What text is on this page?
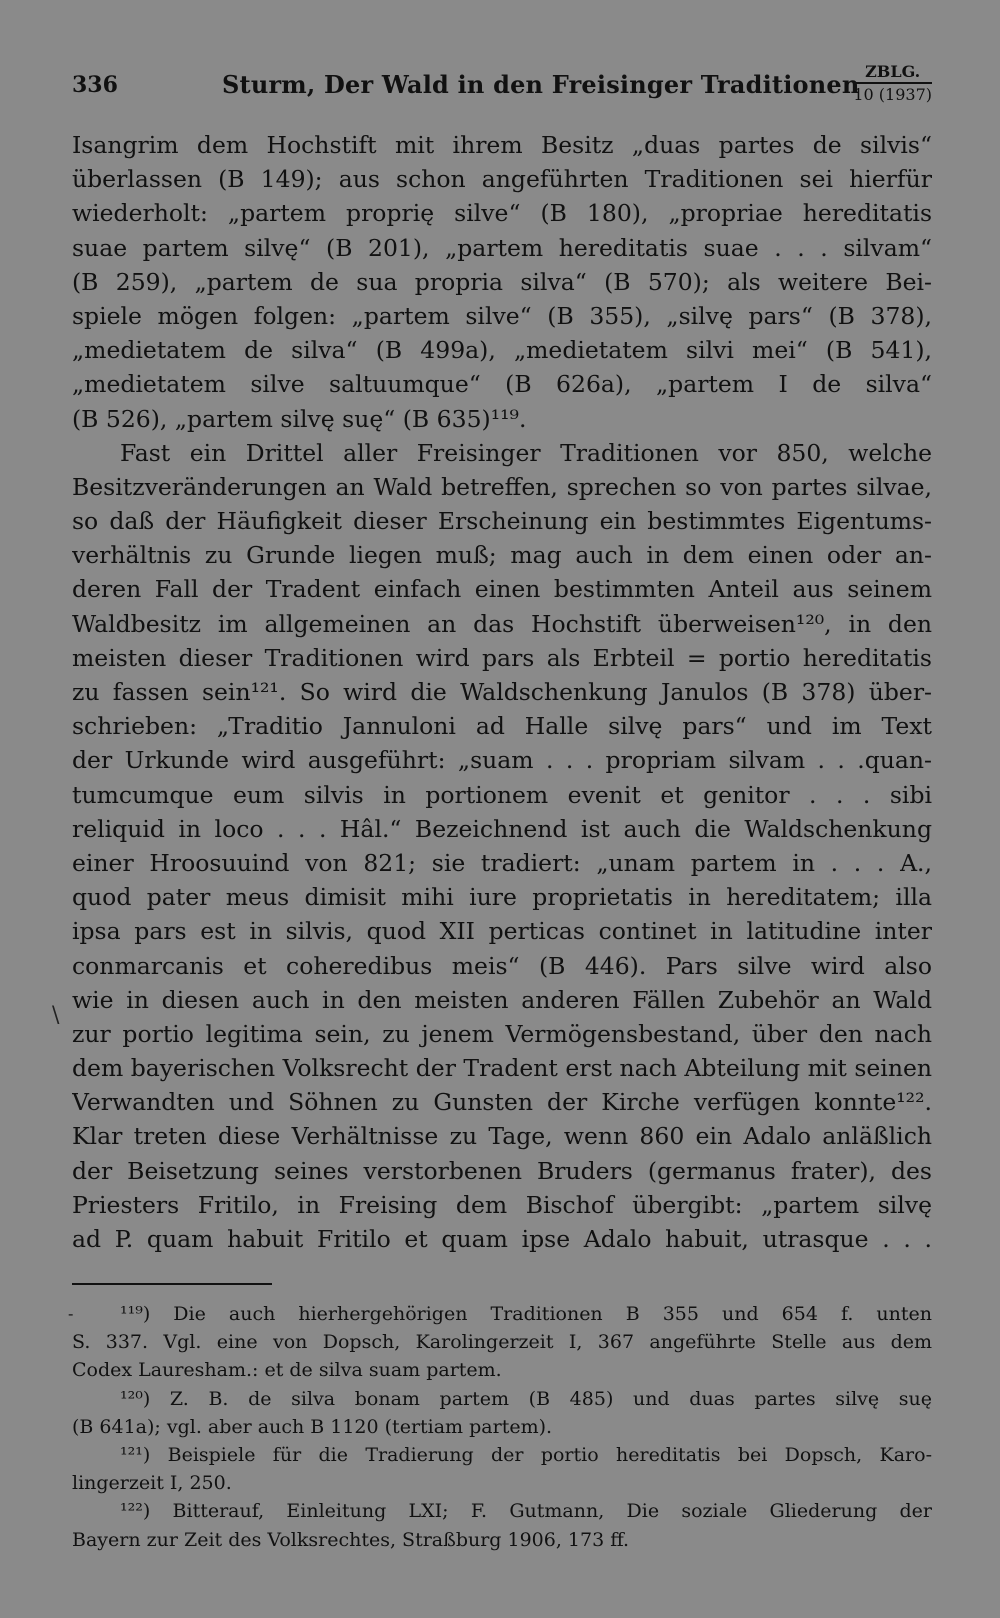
336	Sturm, Der Wald in den Freisinger Traditionen ZBLG.
10 (1937)
Isangrim dem Hochstift mit ihrem Besitz „duas partes de silvis“
überlassen (B 149); aus schon angeführten Traditionen sei hierfür
wiederholt: „partem proprię silve“ (B 180), „propriae hereditatis
suae partem silvę“ (B 201), „partem hereditatis suae . . . silvam“
(B 259), „partem de sua propria silva“ (B 570); als weitere Bei-
spiele mögen folgen: „partem silve“ (B 355), „silvę pars“ (B 378),
„medietatem de silva“ (B 499a), „medietatem silvi mei“ (B 541),
„medietatem silve saltuumque“ (B 626a), „partem I de silva“
(B 526), „partem silvę suę“ (B 635)¹¹⁹.
Fast ein Drittel aller Freisinger Traditionen vor 850, welche
Besitzveränderungen an Wald betreffen, sprechen so von partes silvae,
so daß der Häufigkeit dieser Erscheinung ein bestimmtes Eigentums-
verhältnis zu Grunde liegen muß; mag auch in dem einen oder an-
deren Fall der Tradent einfach einen bestimmten Anteil aus seinem
Waldbesitz im allgemeinen an das Hochstift überweisen¹²⁰, in den
meisten dieser Traditionen wird pars als Erbteil = portio hereditatis
zu fassen sein¹²¹. So wird die Waldschenkung Janulos (B 378) über-
schrieben: „Traditio Jannuloni ad Halle silvę pars“ und im Text
der Urkunde wird ausgeführt: „suam . . . propriam silvam . . .quan-
tumcumque eum silvis in portionem evenit et genitor . . . sibi
reliquid in loco . . . Hâl.“ Bezeichnend ist auch die Waldschenkung
einer Hroosuuind von 821; sie tradiert: „unam partem in . . . A.,
quod pater meus dimisit mihi iure proprietatis in hereditatem; illa
ipsa pars est in silvis, quod XII perticas continet in latitudine inter
conmarcanis et coheredibus meis“ (B 446). Pars silve wird also
wie in diesen auch in den meisten anderen Fällen Zubehör an Wald
zur portio legitima sein, zu jenem Vermögensbestand, über den nach
dem bayerischen Volksrecht der Tradent erst nach Abteilung mit seinen
Verwandten und Söhnen zu Gunsten der Kirche verfügen konnte¹²².
Klar treten diese Verhältnisse zu Tage, wenn 860 ein Adalo anläßlich
der Beisetzung seines verstorbenen Bruders (germanus frater), des
Priesters Fritilo, in Freising dem Bischof übergibt: „partem silvę
ad P. quam habuit Fritilo et quam ipse Adalo habuit, utrasque . . .
\
-	¹¹⁹) Die auch hierhergehörigen Traditionen B 355 und 654 f. unten
S. 337. Vgl. eine von Dopsch, Karolingerzeit I, 367 angeführte Stelle aus dem
Codex Lauresham.: et de silva suam partem.
¹²⁰) Z. B. de silva bonam partem (B 485) und duas partes silvę suę
(B 641a); vgl. aber auch B 1120 (tertiam partem).
¹²¹) Beispiele für die Tradierung der portio hereditatis bei Dopsch, Karo-
lingerzeit I, 250.
¹²²) Bitterauf, Einleitung LXI; F. Gutmann, Die soziale Gliederung der
Bayern zur Zeit des Volksrechtes, Straßburg 1906, 173 ff.
